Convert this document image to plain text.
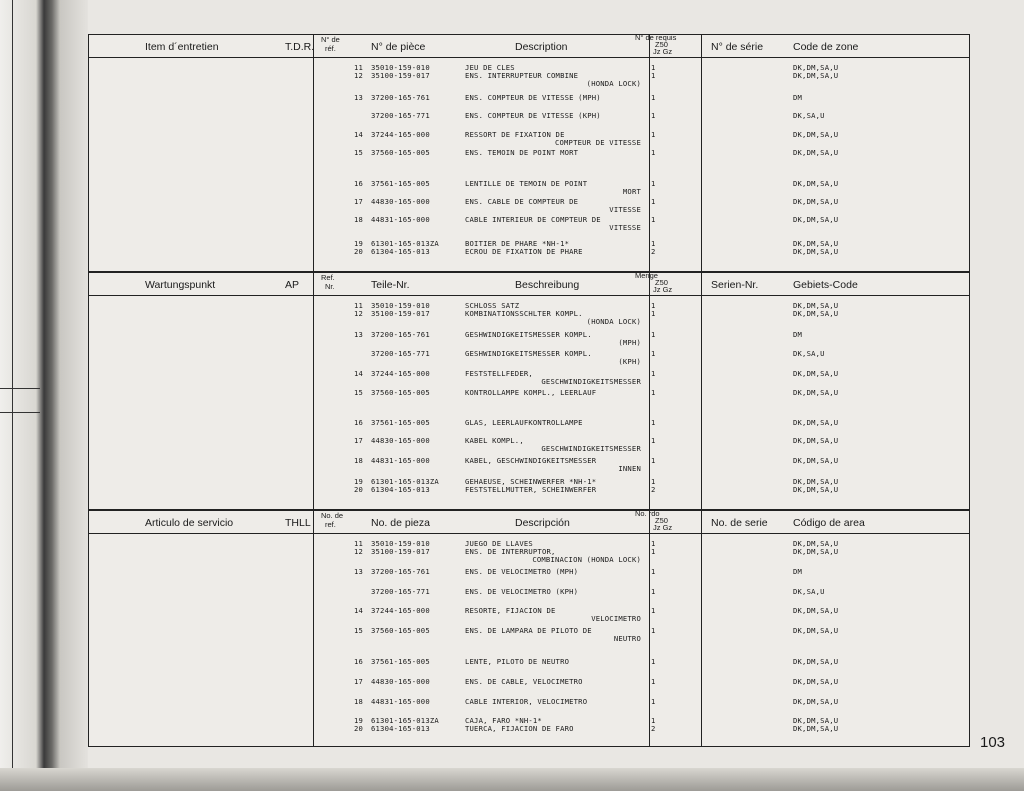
Item d´entretien	T.D.R.
N° de
réf.	N° de pièce	Description
N° de requis
Z50
Jz Gz	N° de série	Code de zone
11 35010-159-010	JEU DE CLES	1	DK,DM,SA,U
12 35100-159-017	ENS. INTERRUPTEUR COMBINE
(HONDA LOCK)
1	DK,DM,SA,U
13 37200-165-761	ENS. COMPTEUR DE VITESSE (MPH)	1	DM
37200-165-771	ENS. COMPTEUR DE VITESSE (KPH)	1	DK,SA,U
14 37244-165-000	RESSORT DE FIXATION DE
COMPTEUR DE VITESSE
1	DK,DM,SA,U
15 37560-165-005	ENS. TEMOIN DE POINT MORT	1	DK,DM,SA,U
16 37561-165-005	LENTILLE DE TEMOIN DE POINT
MORT
1	DK,DM,SA,U
17 44830-165-000	ENS. CABLE DE COMPTEUR DE
VITESSE
1	DK,DM,SA,U
18 44831-165-000	CABLE INTERIEUR DE COMPTEUR DE
VITESSE
1	DK,DM,SA,U
19 61301-165-013ZA	BOITIER DE PHARE *NH-1*	1	DK,DM,SA,U
20 61304-165-013	ECROU DE FIXATION DE PHARE	2	DK,DM,SA,U
Wartungspunkt	AP
Ref.
Nr.	Teile-Nr.	Beschreibung
Menge
Z50
Jz Gz	Serien-Nr.	Gebiets-Code
11 35010-159-010	SCHLOSS SATZ	1	DK,DM,SA,U
12 35100-159-017	KOMBINATIONSSCHLTER KOMPL.
(HONDA LOCK)
1	DK,DM,SA,U
13 37200-165-761	GESHWINDIGKEITSMESSER KOMPL.
(MPH)
1	DM
37200-165-771	GESHWINDIGKEITSMESSER KOMPL.
(KPH)
1	DK,SA,U
14 37244-165-000	FESTSTELLFEDER,
GESCHWINDIGKEITSMESSER
1	DK,DM,SA,U
15 37560-165-005	KONTROLLAMPE KOMPL., LEERLAUF	1	DK,DM,SA,U
16 37561-165-005	GLAS, LEERLAUFKONTROLLAMPE	1	DK,DM,SA,U
17 44830-165-000	KABEL KOMPL.,
GESCHWINDIGKEITSMESSER
1	DK,DM,SA,U
18 44831-165-000	KABEL, GESCHWINDIGKEITSMESSER
INNEN
1	DK,DM,SA,U
19 61301-165-013ZA	GEHAEUSE, SCHEINWERFER *NH-1*	1	DK,DM,SA,U
20 61304-165-013	FESTSTELLMUTTER, SCHEINWERFER	2	DK,DM,SA,U
Articulo de servicio	THLL
No. de
ref.	No. de pieza	Descripción
No. rdo
Z50
Jz Gz	No. de serie Código de area
11 35010-159-010	JUEGO DE LLAVES	1	DK,DM,SA,U
12 35100-159-017	ENS. DE INTERRUPTOR,
COMBINACION (HONDA LOCK)
1	DK,DM,SA,U
13 37200-165-761	ENS. DE VELOCIMETRO (MPH)	1	DM
37200-165-771	ENS. DE VELOCIMETRO (KPH)	1	DK,SA,U
14 37244-165-000	RESORTE, FIJACION DE
VELOCIMETRO
1	DK,DM,SA,U
15 37560-165-005	ENS. DE LAMPARA DE PILOTO DE
NEUTRO
1	DK,DM,SA,U
16 37561-165-005	LENTE, PILOTO DE NEUTRO	1	DK,DM,SA,U
17 44830-165-000	ENS. DE CABLE, VELOCIMETRO	1	DK,DM,SA,U
18 44831-165-000	CABLE INTERIOR, VELOCIMETRO	1	DK,DM,SA,U
19 61301-165-013ZA	CAJA, FARO *NH-1*	1	DK,DM,SA,U
20 61304-165-013	TUERCA, FIJACION DE FARO	2	DK,DM,SA,U
103
